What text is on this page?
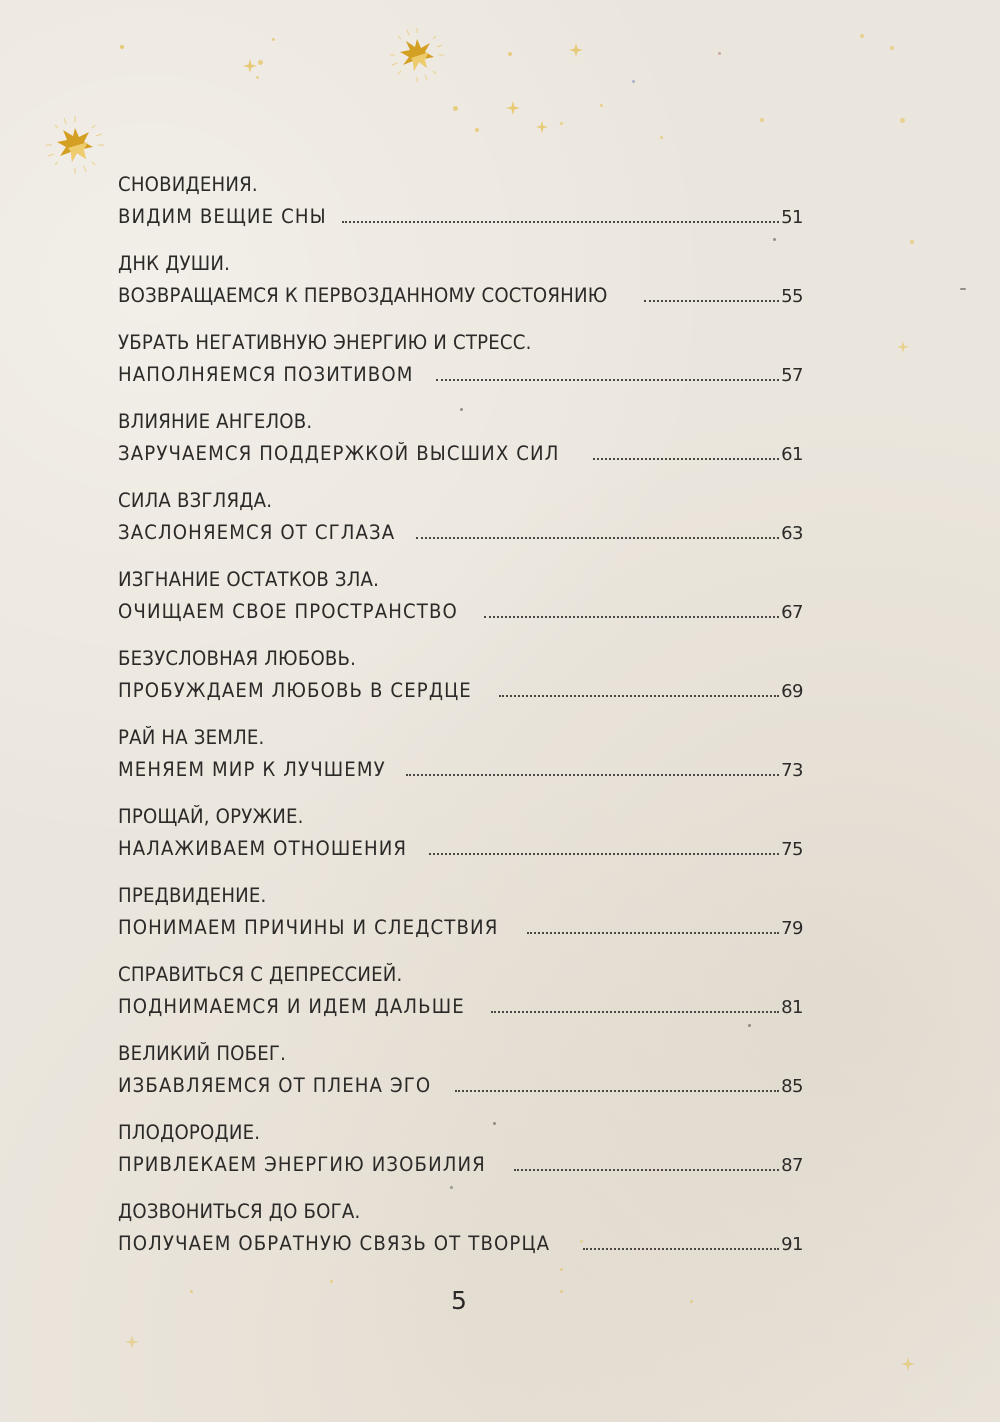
СНОВИДЕНИЯ.
ВИДИМ ВЕЩИЕ СНЫ	51
ДНК ДУШИ.
ВОЗВРАЩАЕМСЯ К ПЕРВОЗДАННОМУ СОСТОЯНИЮ	55
УБРАТЬ НЕГАТИВНУЮ ЭНЕРГИЮ И СТРЕСС.
НАПОЛНЯЕМСЯ ПОЗИТИВОМ	57
ВЛИЯНИЕ АНГЕЛОВ.
ЗАРУЧАЕМСЯ ПОДДЕРЖКОЙ ВЫСШИХ СИЛ	61
СИЛА ВЗГЛЯДА.
ЗАСЛОНЯЕМСЯ ОТ СГЛАЗА	63
ИЗГНАНИЕ ОСТАТКОВ ЗЛА.
ОЧИЩАЕМ СВОЕ ПРОСТРАНСТВО	67
БЕЗУСЛОВНАЯ ЛЮБОВЬ.
ПРОБУЖДАЕМ ЛЮБОВЬ В СЕРДЦЕ	69
РАЙ НА ЗЕМЛЕ.
МЕНЯЕМ МИР К ЛУЧШЕМУ	73
ПРОЩАЙ, ОРУЖИЕ.
НАЛАЖИВАЕМ ОТНОШЕНИЯ	75
ПРЕДВИДЕНИЕ.
ПОНИМАЕМ ПРИЧИНЫ И СЛЕДСТВИЯ	79
СПРАВИТЬСЯ С ДЕПРЕССИЕЙ.
ПОДНИМАЕМСЯ И ИДЕМ ДАЛЬШЕ	81
ВЕЛИКИЙ ПОБЕГ.
ИЗБАВЛЯЕМСЯ ОТ ПЛЕНА ЭГО	85
ПЛОДОРОДИЕ.
ПРИВЛЕКАЕМ ЭНЕРГИЮ ИЗОБИЛИЯ	87
ДОЗВОНИТЬСЯ ДО БОГА.
ПОЛУЧАЕМ ОБРАТНУЮ СВЯЗЬ ОТ ТВОРЦА	91
5
